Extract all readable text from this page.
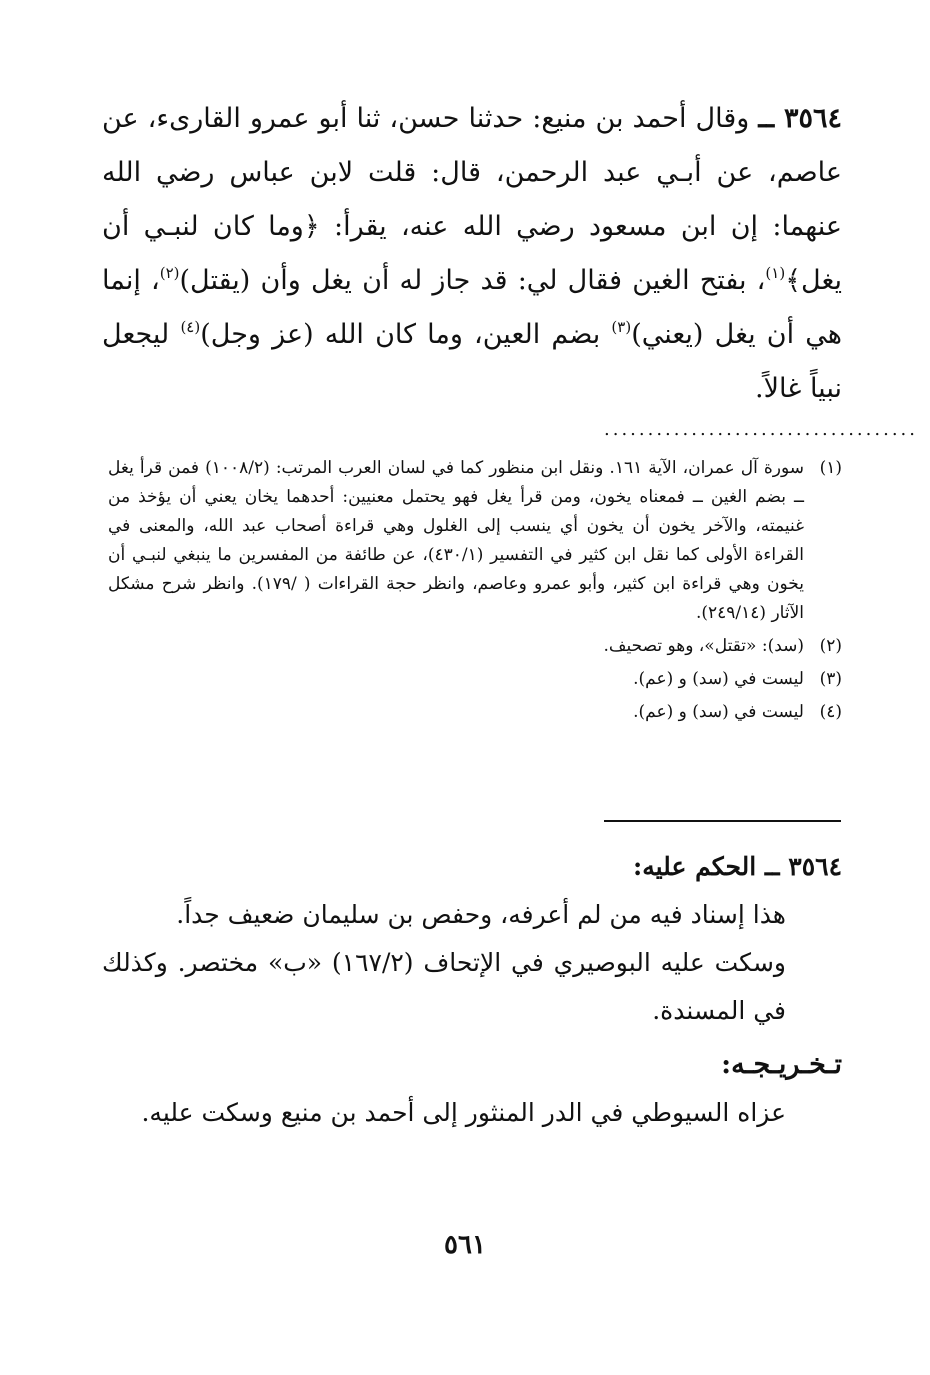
٣٥٦٤ ــ وقال أحمد بن منيع: حدثنا حسن، ثنا أبو عمرو القارىء، عن عاصم، عن أبـي عبد الرحمن، قال: قلت لابن عباس رضي الله عنهما: إن ابن مسعود رضي الله عنه، يقرأ: ﴿وما كان لنبـي أن يغل﴾$^{(١)}$، بفتح الغين فقال لي: قد جاز له أن يغل وأن (يقتل)$^{(٢)}$، إنما هي أن يغل (يعني)$^{(٣)}$ بضم العين، وما كان الله (عز وجل)$^{(٤)}$ ليجعل نبياً غالاً.

....................................
(١)
سورة آل عمران، الآية ١٦١. ونقل ابن منظور كما في لسان العرب المرتب: (١٠٠٨/٢) فمن قرأ يغل ــ بضم الغين ــ فمعناه يخون، ومن قرأ يغل فهو يحتمل معنيين: أحدهما يخان يعني أن يؤخذ من غنيمته، والآخر يخون أن يخون أي ينسب إلى الغلول وهي قراءة أصحاب عبد الله، والمعنى في القراءة الأولى كما نقل ابن كثير في التفسير (٤٣٠/١)، عن طائفة من المفسرين ما ينبغي لنبـي أن يخون وهي قراءة ابن كثير، وأبو عمرو وعاصم، وانظر حجة القراءات ( /١٧٩). وانظر شرح مشكل الآثار (٢٤٩/١٤).
(٢)
(سد): «تقتل»، وهو تصحيف.
(٣)
ليست في (سد) و (عم).
(٤)
ليست في (سد) و (عم).

٣٥٦٤ ــ الحكم عليه:

هذا إسناد فيه من لم أعرفه، وحفص بن سليمان ضعيف جداً.

وسكت عليه البوصيري في الإتحاف (١٦٧/٢) «ب» مختصر. وكذلك في المسندة.

تـخـريـجـه:

عزاه السيوطي في الدر المنثور إلى أحمد بن منيع وسكت عليه.

٥٦١
